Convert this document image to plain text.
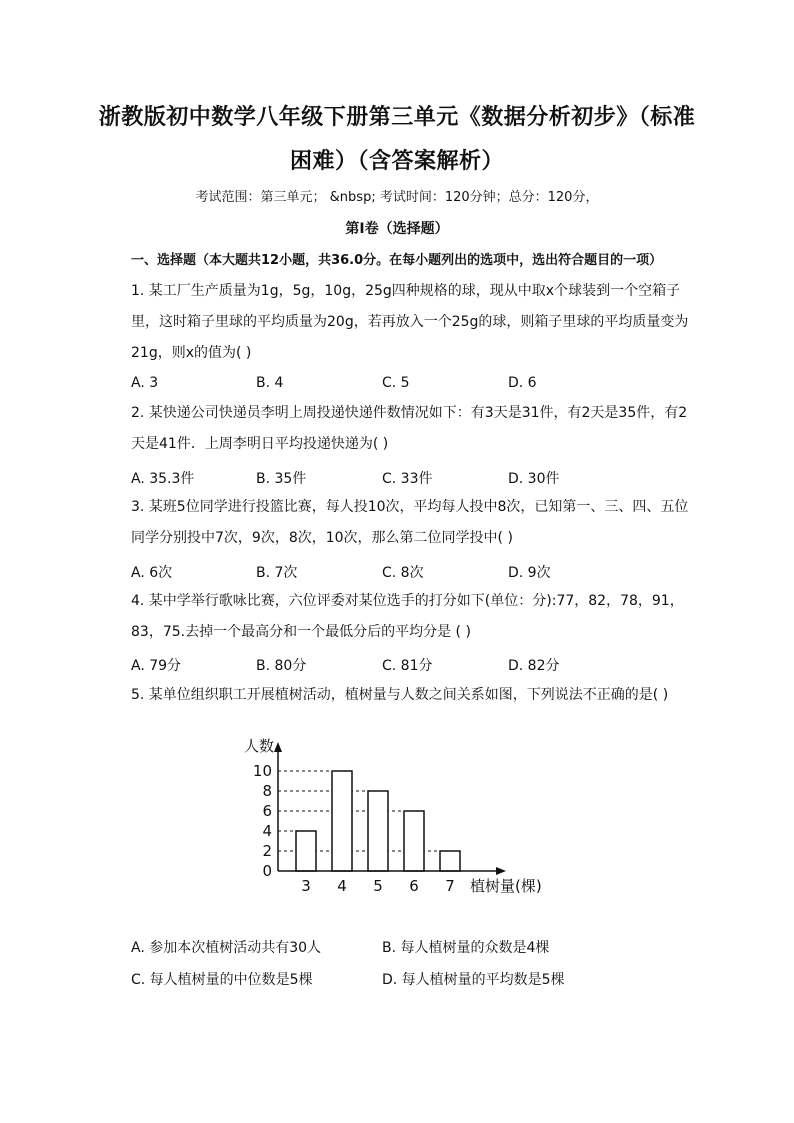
浙教版初中数学八年级下册第三单元《数据分析初步》（标准困难）（含答案解析）
考试范围：第三单元； &nbsp; 考试时间：120分钟；总分：120分，
第Ⅰ卷（选择题）
一、选择题（本大题共12小题，共36.0分。在每小题列出的选项中，选出符合题目的一项）
1. 某工厂生产质量为1g，5g，10g，25g四种规格的球，现从中取x个球装到一个空箱子里，这时箱子里球的平均质量为20g，若再放入一个25g的球，则箱子里球的平均质量变为21g，则x的值为( )
A. 3	B. 4	C. 5	D. 6
2. 某快递公司快递员李明上周投递快递件数情况如下：有3天是31件，有2天是35件，有2天是41件．上周李明日平均投递快递为( )
A. 35.3件	B. 35件	C. 33件	D. 30件
3. 某班5位同学进行投篮比赛，每人投10次，平均每人投中8次，已知第一、三、四、五位同学分别投中7次，9次，8次，10次，那么第二位同学投中( )
A. 6次	B. 7次	C. 8次	D. 9次
4. 某中学举行歌咏比赛，六位评委对某位选手的打分如下(单位：分):77，82，78，91，83，75.去掉一个最高分和一个最低分后的平均分是 ( )
A. 79分	B. 80分	C. 81分	D. 82分
5. 某单位组织职工开展植树活动，植树量与人数之间关系如图，下列说法不正确的是( )
3 4 5 6 7
0
2
4
6
8
10
人数
植树量(棵)
A. 参加本次植树活动共有30人	B. 每人植树量的众数是4棵
C. 每人植树量的中位数是5棵	D. 每人植树量的平均数是5棵
